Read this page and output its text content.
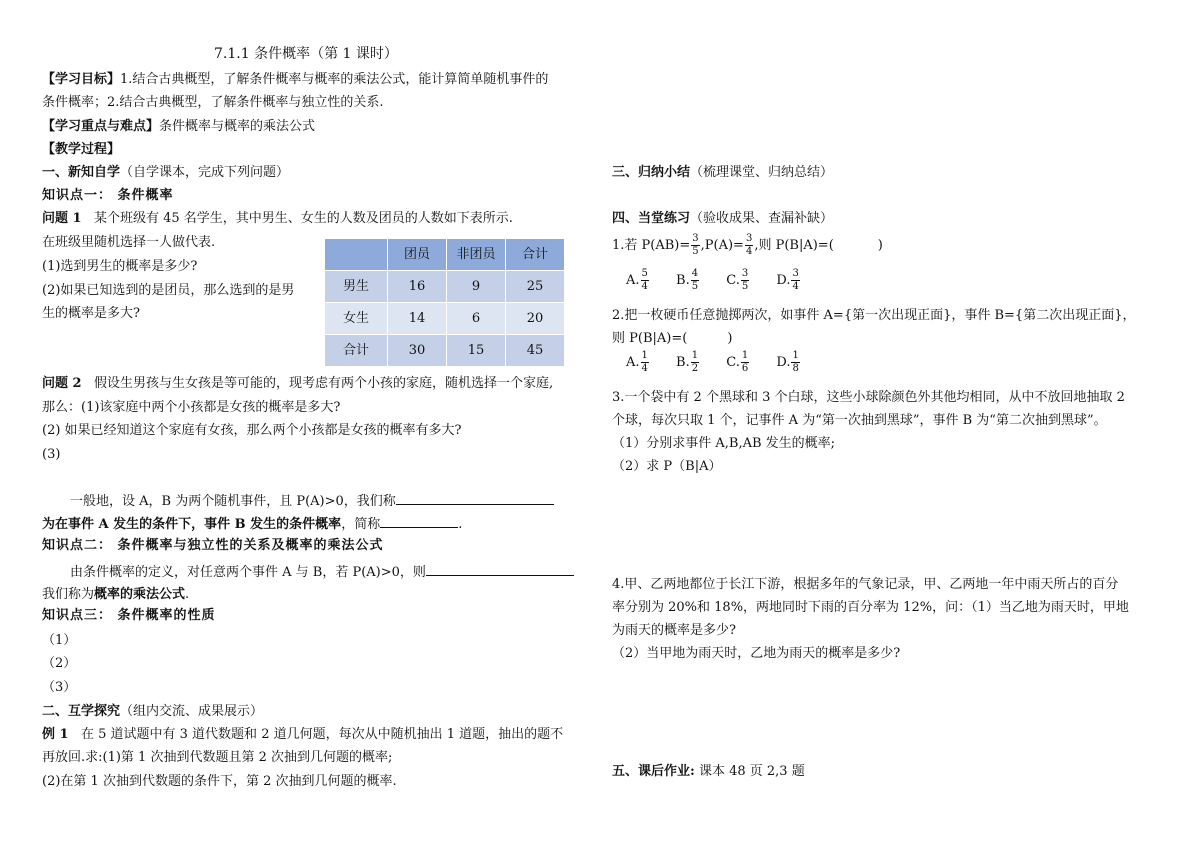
7.1.1 条件概率（第 1 课时）
【学习目标】1.结合古典概型，了解条件概率与概率的乘法公式，能计算简单随机事件的
条件概率；2.结合古典概型，了解条件概率与独立性的关系.
【学习重点与难点】条件概率与概率的乘法公式
【教学过程】
一、新知自学（自学课本，完成下列问题）
知识点一： 条件概率
问题 1 某个班级有 45 名学生，其中男生、女生的人数及团员的人数如下表所示.
在班级里随机选择一人做代表.
(1)选到男生的概率是多少?
(2)如果已知选到的是团员，那么选到的是男
生的概率是多大?
问题 2 假设生男孩与生女孩是等可能的，现考虑有两个小孩的家庭，随机选择一个家庭,
那么：(1)该家庭中两个小孩都是女孩的概率是多大?
(2) 如果已经知道这个家庭有女孩，那么两个小孩都是女孩的概率有多大?
(3)
一般地，设 A，B 为两个随机事件，且 P(A)>0，我们称
为在事件 A 发生的条件下，事件 B 发生的条件概率，简称	.
知识点二： 条件概率与独立性的关系及概率的乘法公式
由条件概率的定义，对任意两个事件 A 与 B，若 P(A)>0，则
我们称为概率的乘法公式.
知识点三： 条件概率的性质
（1）
（2）
（3）
二、互学探究（组内交流、成果展示）
例 1 在 5 道试题中有 3 道代数题和 2 道几何题，每次从中随机抽出 1 道题，抽出的题不
再放回.求:(1)第 1 次抽到代数题且第 2 次抽到几何题的概率;
(2)在第 1 次抽到代数题的条件下，第 2 次抽到几何题的概率.
	团员	非团员	合计
男生	16	9	25
女生	14	6	20
合计	30	15	45
三、归纳小结（梳理课堂、归纳总结）
四、当堂练习（验收成果、查漏补缺）
1.若 $P(AB)= \frac{3}{5} ,P(A)= \frac{3}{4}$ ,则 P(B|A)=(	)
A. $\frac{5}{4} B$. $\frac{4}{5} C$. $\frac{3}{5} D$. $\frac{3}{4}$
2.把一枚硬币任意抛掷两次，如事件 A={第一次出现正面}，事件 B={第二次出现正面}，
则 P(B|A)=(	)
A. $\frac{1}{4} B$. $\frac{1}{2} C$. $\frac{1}{6} D$. $\frac{1}{8}$
3.一个袋中有 2 个黑球和 3 个白球，这些小球除颜色外其他均相同，从中不放回地抽取 2
个球，每次只取 1 个，记事件 A 为“第一次抽到黑球”，事件 B 为“第二次抽到黑球”。
（1）分别求事件 A,B,AB 发生的概率;
（2）求 P（B|A）
4.甲、乙两地都位于长江下游，根据多年的气象记录，甲、乙两地一年中雨天所占的百分
率分别为 20%和 18%，两地同时下雨的百分率为 12%，问：（1）当乙地为雨天时，甲地
为雨天的概率是多少?
（2）当甲地为雨天时，乙地为雨天的概率是多少?
五、课后作业: 课本 48 页 2,3 题
